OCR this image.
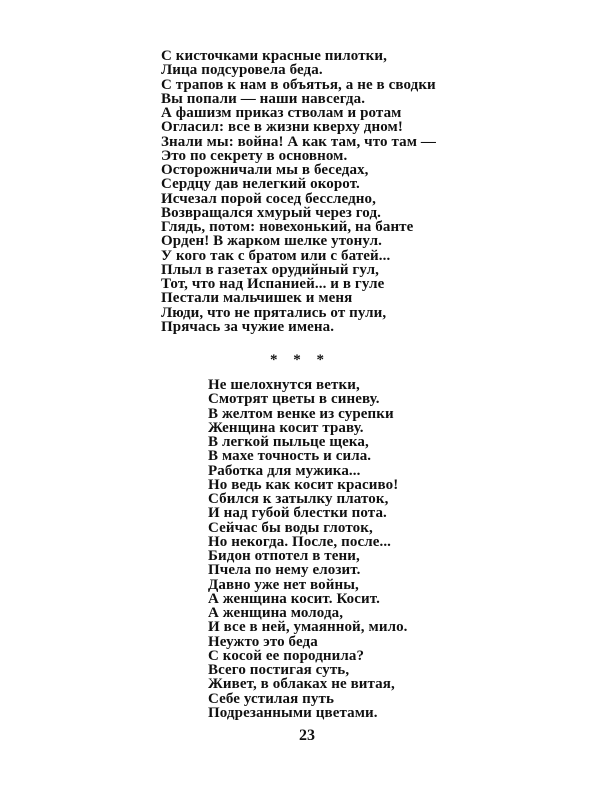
С кисточками красные пилотки,
Лица подсуровела беда.
С трапов к нам в объятья, а не в сводки
Вы попали — наши навсегда.
А фашизм приказ стволам и ротам
Огласил: все в жизни кверху дном!
Знали мы: война! А как там, что там —
Это по секрету в основном.
Осторожничали мы в беседах,
Сердцу дав нелегкий окорот.
Исчезал порой сосед бесследно,
Возвращался хмурый через год.
Глядь, потом: новехонький, на банте
Орден! В жарком шелке утонул.
У кого так с братом или с батей...
Плыл в газетах орудийный гул,
Тот, что над Испанией... и в гуле
Пестали мальчишек и меня
Люди, что не прятались от пули,
Прячась за чужие имена.
* * *
Не шелохнутся ветки,
Смотрят цветы в синеву.
В желтом венке из сурепки
Женщина косит траву.
В легкой пыльце щека,
В махе точность и сила.
Работка для мужика...
Но ведь как косит красиво!
Сбился к затылку платок,
И над губой блестки пота.
Сейчас бы воды глоток,
Но некогда. После, после...
Бидон отпотел в тени,
Пчела по нему елозит.
Давно уже нет войны,
А женщина косит. Косит.
А женщина молода,
И все в ней, умаянной, мило.
Неужто это беда
С косой ее породнила?
Всего постигая суть,
Живет, в облаках не витая,
Себе устилая путь
Подрезанными цветами.
23
